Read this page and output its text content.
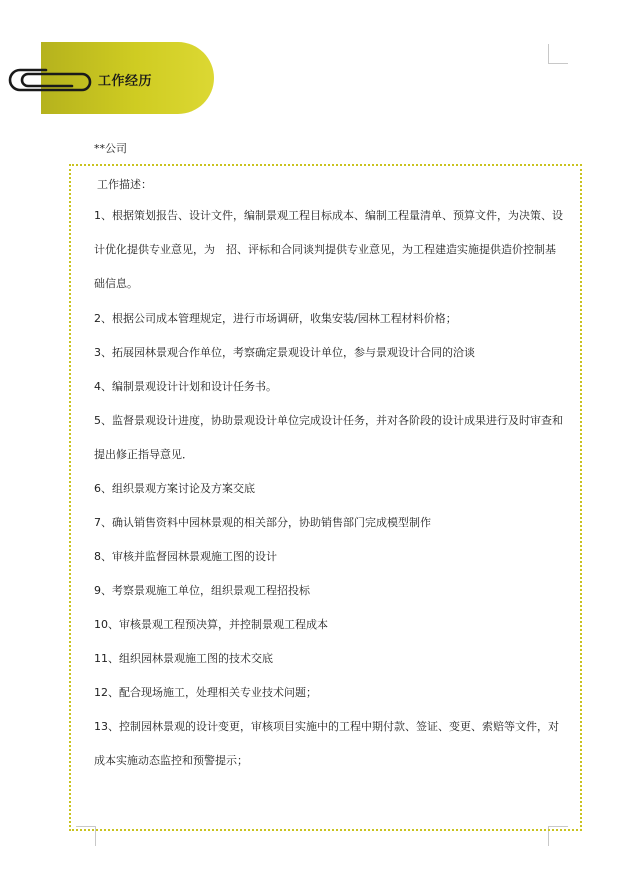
工作经历
**公司
工作描述：
1、根据策划报告、设计文件，编制景观工程目标成本、编制工程量清单、预算文件，为决策、设计优化提供专业意见，为　招、评标和合同谈判提供专业意见，为工程建造实施提供造价控制基础信息。
2、根据公司成本管理规定，进行市场调研，收集安装/园林工程材料价格；
3、拓展园林景观合作单位，考察确定景观设计单位，参与景观设计合同的洽谈
4、编制景观设计计划和设计任务书。
5、监督景观设计进度，协助景观设计单位完成设计任务，并对各阶段的设计成果进行及时审查和提出修正指导意见．
6、组织景观方案讨论及方案交底
7、确认销售资料中园林景观的相关部分，协助销售部门完成模型制作
8、审核并监督园林景观施工图的设计
9、考察景观施工单位，组织景观工程招投标
10、审核景观工程预决算，并控制景观工程成本
11、组织园林景观施工图的技术交底
12、配合现场施工，处理相关专业技术问题；
13、控制园林景观的设计变更，审核项目实施中的工程中期付款、签证、变更、索赔等文件，对成本实施动态监控和预警提示；
